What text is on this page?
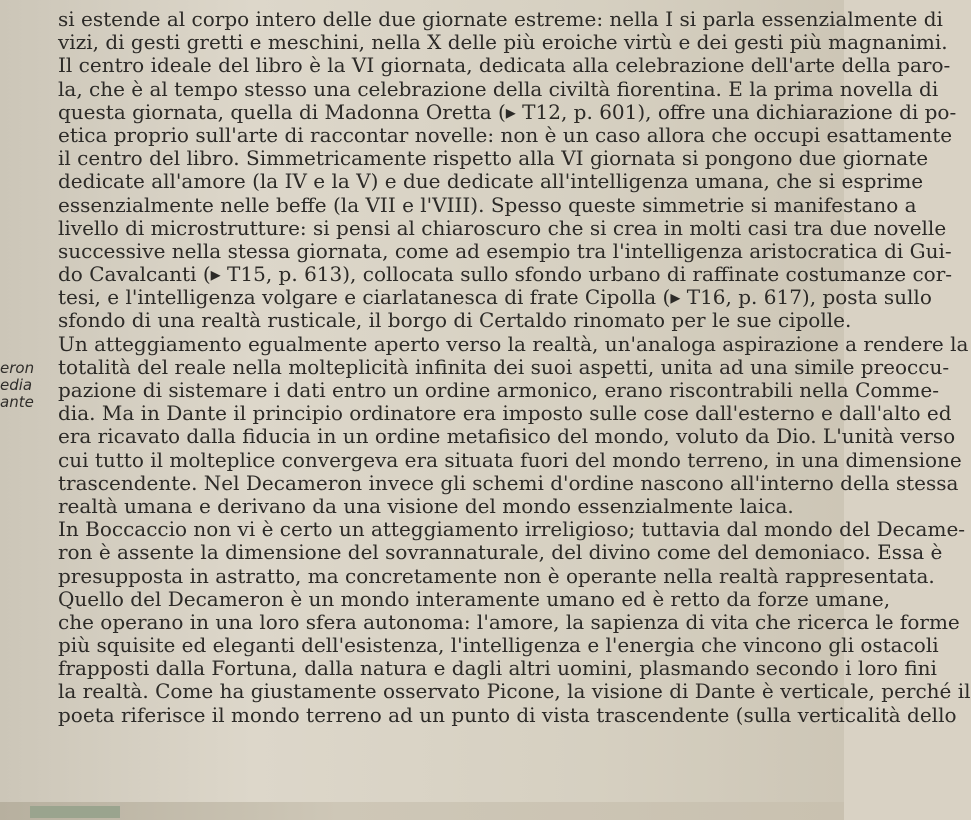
eron
edia
ante
si estende al corpo intero delle due giornate estreme: nella I si parla essenzialmente di
vizi, di gesti gretti e meschini, nella X delle più eroiche virtù e dei gesti più magnanimi.
Il centro ideale del libro è la VI giornata, dedicata alla celebrazione dell'arte della paro-
la, che è al tempo stesso una celebrazione della civiltà fiorentina. E la prima novella di
questa giornata, quella di Madonna Oretta (▸ T12, p. 601), offre una dichiarazione di po-
etica proprio sull'arte di raccontar novelle: non è un caso allora che occupi esattamente
il centro del libro. Simmetricamente rispetto alla VI giornata si pongono due giornate
dedicate all'amore (la IV e la V) e due dedicate all'intelligenza umana, che si esprime
essenzialmente nelle beffe (la VII e l'VIII). Spesso queste simmetrie si manifestano a
livello di microstrutture: si pensi al chiaroscuro che si crea in molti casi tra due novelle
successive nella stessa giornata, come ad esempio tra l'intelligenza aristocratica di Gui-
do Cavalcanti (▸ T15, p. 613), collocata sullo sfondo urbano di raffinate costumanze cor-
tesi, e l'intelligenza volgare e ciarlatanesca di frate Cipolla (▸ T16, p. 617), posta sullo
sfondo di una realtà rusticale, il borgo di Certaldo rinomato per le sue cipolle.
Un atteggiamento egualmente aperto verso la realtà, un'analoga aspirazione a rendere la
totalità del reale nella molteplicità infinita dei suoi aspetti, unita ad una simile preoccu-
pazione di sistemare i dati entro un ordine armonico, erano riscontrabili nella Comme-
dia. Ma in Dante il principio ordinatore era imposto sulle cose dall'esterno e dall'alto ed
era ricavato dalla fiducia in un ordine metafisico del mondo, voluto da Dio. L'unità verso
cui tutto il molteplice convergeva era situata fuori del mondo terreno, in una dimensione
trascendente. Nel Decameron invece gli schemi d'ordine nascono all'interno della stessa
realtà umana e derivano da una visione del mondo essenzialmente laica.
In Boccaccio non vi è certo un atteggiamento irreligioso; tuttavia dal mondo del Decame-
ron è assente la dimensione del sovrannaturale, del divino come del demoniaco. Essa è
presupposta in astratto, ma concretamente non è operante nella realtà rappresentata.
Quello del Decameron è un mondo interamente umano ed è retto da forze umane,
che operano in una loro sfera autonoma: l'amore, la sapienza di vita che ricerca le forme
più squisite ed eleganti dell'esistenza, l'intelligenza e l'energia che vincono gli ostacoli
frapposti dalla Fortuna, dalla natura e dagli altri uomini, plasmando secondo i loro fini
la realtà. Come ha giustamente osservato Picone, la visione di Dante è verticale, perché il
poeta riferisce il mondo terreno ad un punto di vista trascendente (sulla verticalità dello
